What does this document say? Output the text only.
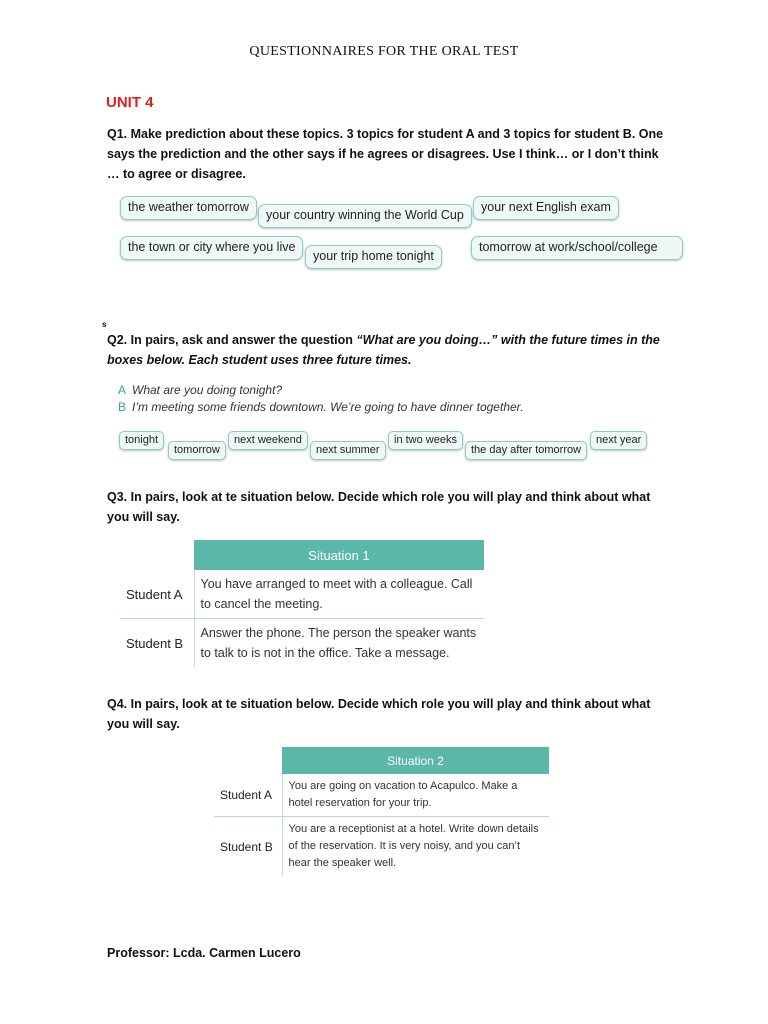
QUESTIONNAIRES FOR THE ORAL TEST
UNIT 4
Q1. Make prediction about these topics. 3 topics for student A and 3 topics for student B. One says the prediction and the other says if he agrees or disagrees. Use I think… or I don’t think … to agree or disagree.
the weather tomorrow
your country winning the World Cup
your next English exam
the town or city where you live
your trip home tonight
tomorrow at work/school/college
s
Q2. In pairs, ask and answer the question “What are you doing…” with the future times in the boxes below. Each student uses three future times.
A What are you doing tonight?
B I’m meeting some friends downtown. We’re going to have dinner together.
tonight
tomorrow
next weekend
next summer
in two weeks
the day after tomorrow
next year
Q3. In pairs, look at te situation below. Decide which role you will play and think about what you will say.
	Situation 1
Student A	You have arranged to meet with a colleague. Call to cancel the meeting.
Student B	Answer the phone. The person the speaker wants to talk to is not in the office. Take a message.
Q4. In pairs, look at te situation below. Decide which role you will play and think about what you will say.
	Situation 2
Student A	You are going on vacation to Acapulco. Make a hotel reservation for your trip.
Student B	You are a receptionist at a hotel. Write down details of the reservation. It is very noisy, and you can’t hear the speaker well.
Professor: Lcda. Carmen Lucero
